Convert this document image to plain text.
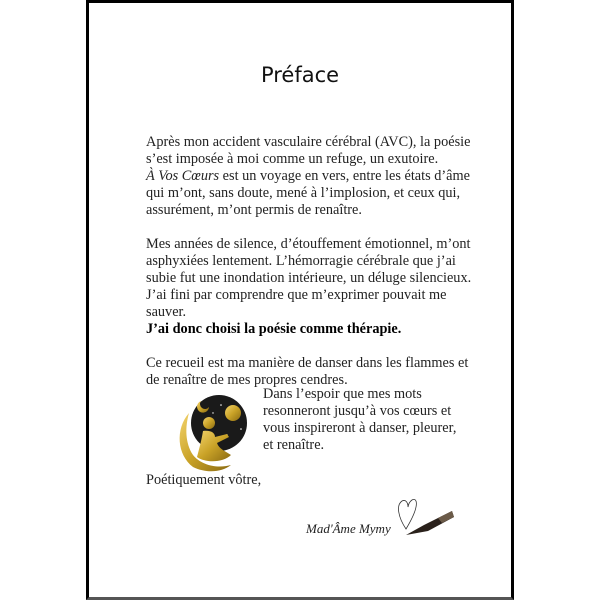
Préface
Après mon accident vasculaire cérébral (AVC), la poésie
s’est imposée à moi comme un refuge, un exutoire.
À Vos Cœurs est un voyage en vers, entre les états d’âme
qui m’ont, sans doute, mené à l’implosion, et ceux qui,
assurément, m’ont permis de renaître.
Mes années de silence, d’étouffement émotionnel, m’ont
asphyxiées lentement. L’hémorragie cérébrale que j’ai
subie fut une inondation intérieure, un déluge silencieux.
J’ai fini par comprendre que m’exprimer pouvait me
sauver.
J’ai donc choisi la poésie comme thérapie.
Ce recueil est ma manière de danser dans les flammes et
de renaître de mes propres cendres.
Dans l’espoir que mes mots
resonneront jusqu’à vos cœurs et
vous inspireront à danser, pleurer,
et renaître.
Poétiquement vôtre,
Mad'Âme Mymy
